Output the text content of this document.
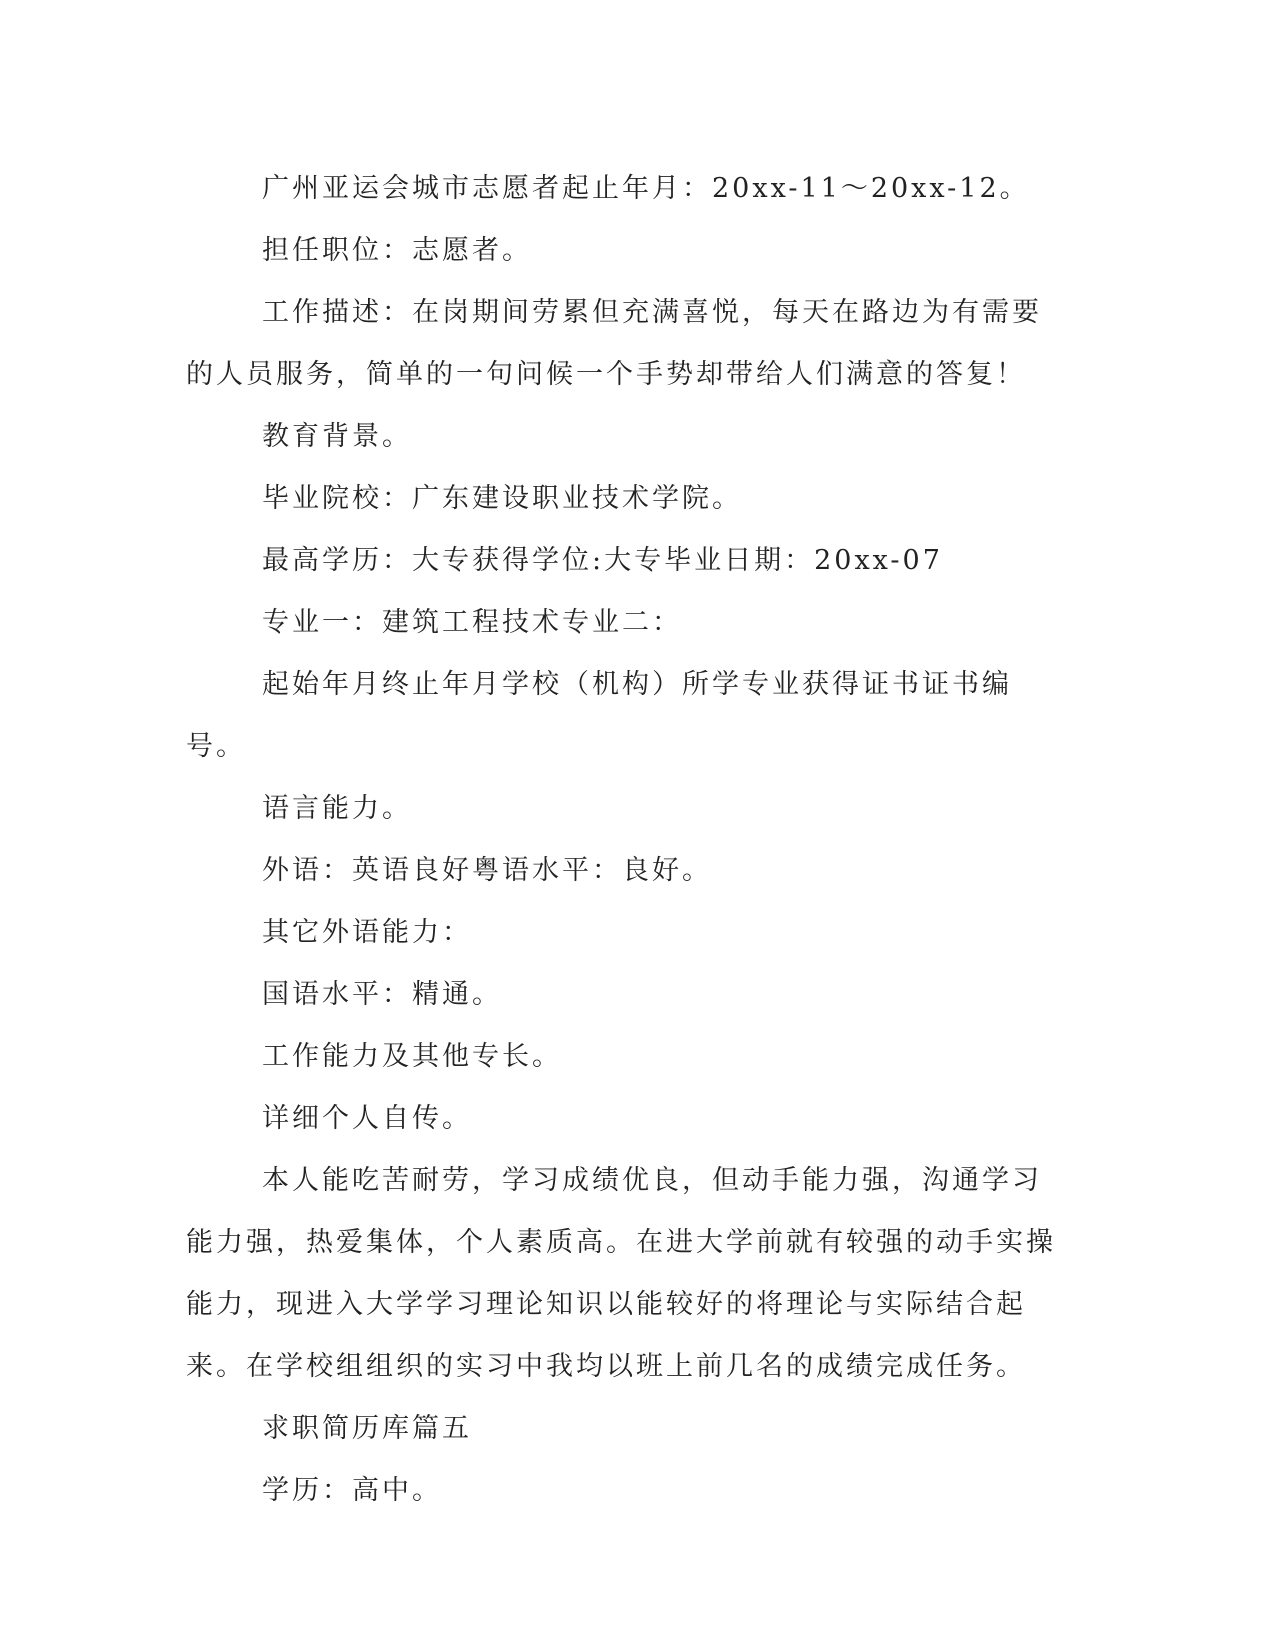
广州亚运会城市志愿者起止年月：20xx-11～20xx-12。

担任职位：志愿者。

工作描述：在岗期间劳累但充满喜悦，每天在路边为有需要的人员服务，简单的一句问候一个手势却带给人们满意的答复！

教育背景。

毕业院校：广东建设职业技术学院。

最高学历：大专获得学位:大专毕业日期：20xx-07

专业一：建筑工程技术专业二：

起始年月终止年月学校（机构）所学专业获得证书证书编号。

语言能力。

外语：英语良好粤语水平：良好。

其它外语能力：

国语水平：精通。

工作能力及其他专长。

详细个人自传。

本人能吃苦耐劳，学习成绩优良，但动手能力强，沟通学习能力强，热爱集体，个人素质高。在进大学前就有较强的动手实操能力，现进入大学学习理论知识以能较好的将理论与实际结合起来。在学校组组织的实习中我均以班上前几名的成绩完成任务。

求职简历库篇五

学历：高中。
